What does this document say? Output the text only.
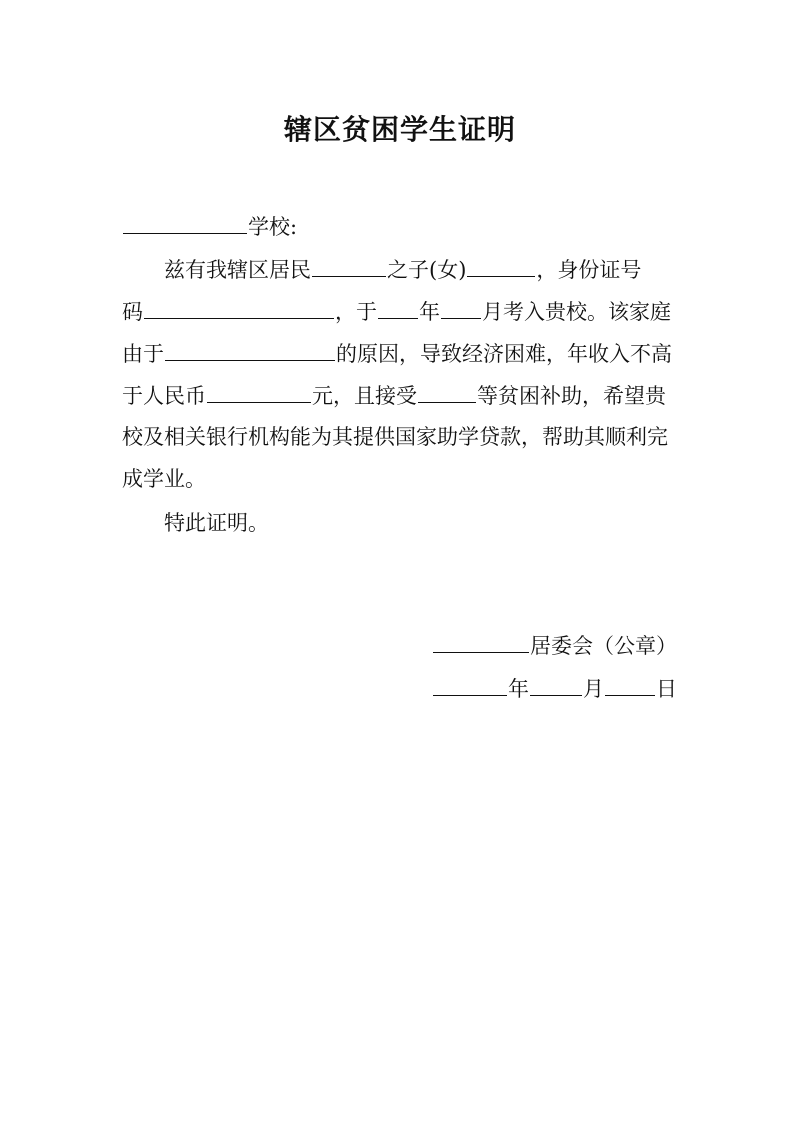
辖区贫困学生证明
学校:
兹有我辖区居民	之子(女)	，身份证号
码	，于 年 月考入贵校。该家庭
由于	的原因，导致经济困难，年收入不高
于人民币	元，且接受	等贫困补助，希望贵
校及相关银行机构能为其提供国家助学贷款，帮助其顺利完
成学业。
特此证明。
居委会（公章）
年	月 日
